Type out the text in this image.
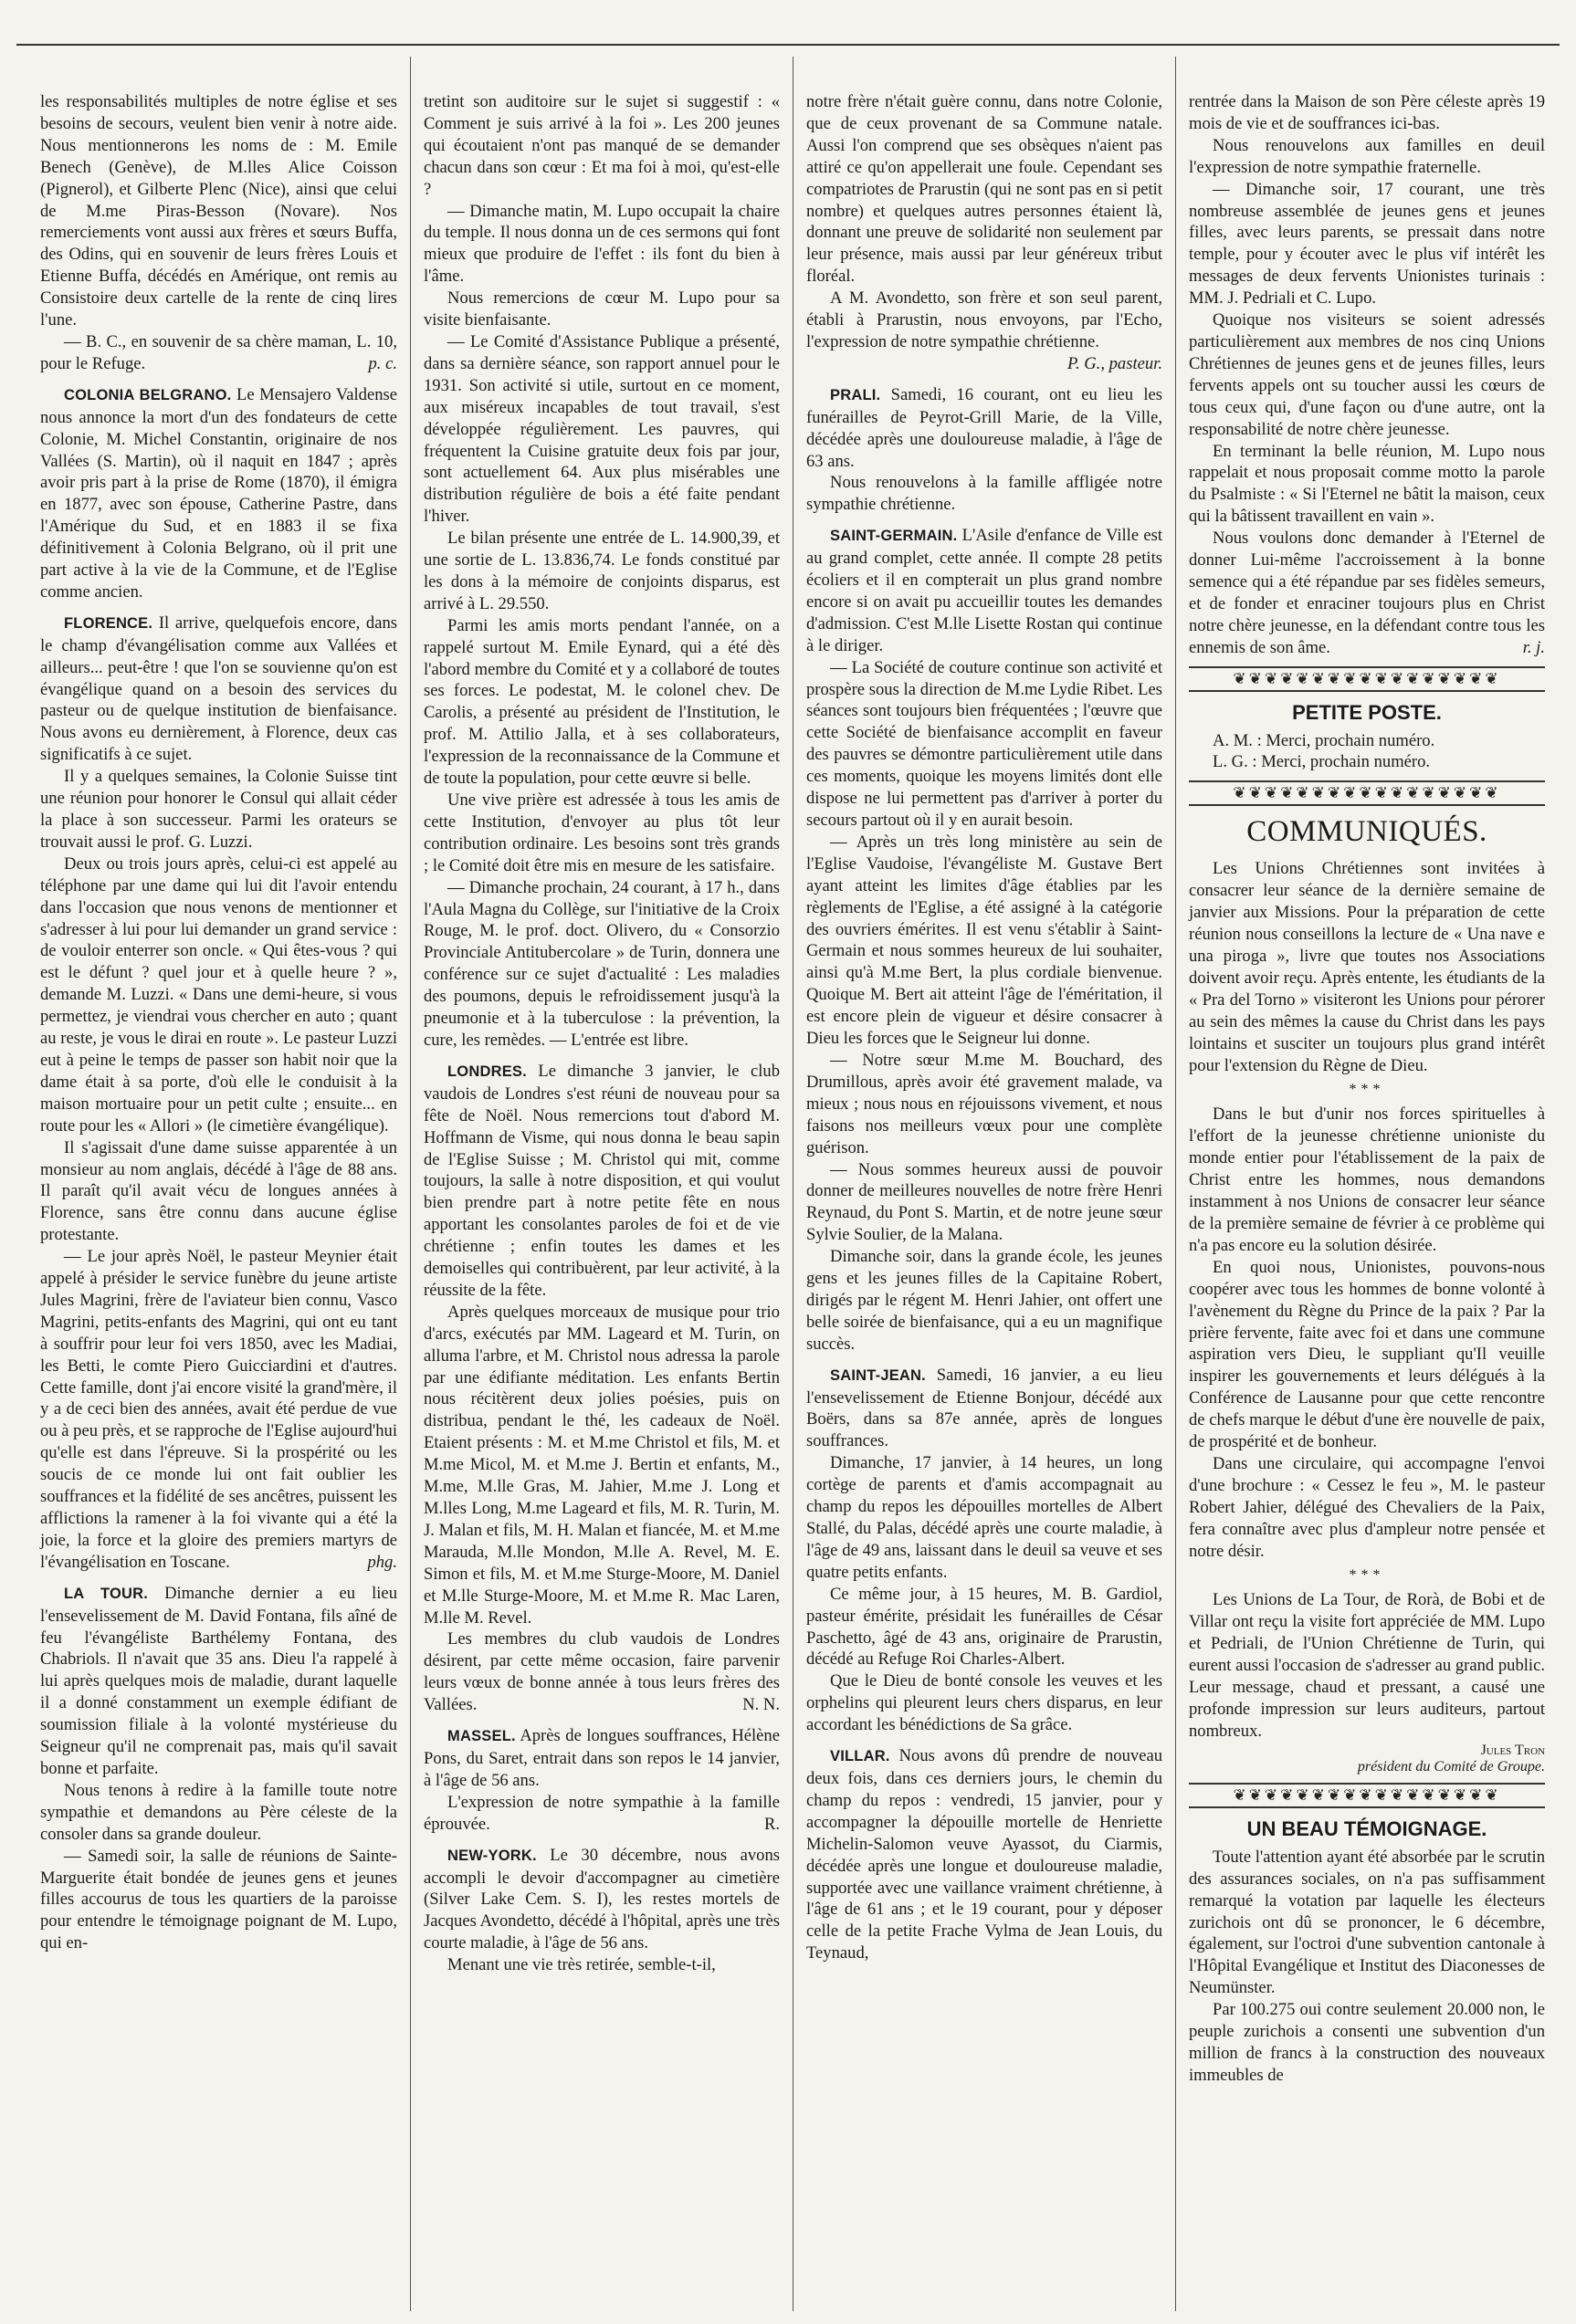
les responsabilités multiples de notre église et ses besoins de secours, veulent bien venir à notre aide. Nous mentionnerons les noms de : M. Emile Benech (Genève), de M.lles Alice Coisson (Pignerol), et Gilberte Plenc (Nice), ainsi que celui de M.me Piras-Besson (Novare). Nos remerciements vont aussi aux frères et sœurs Buffa, des Odins, qui en souvenir de leurs frères Louis et Etienne Buffa, décédés en Amérique, ont remis au Consistoire deux cartelle de la rente de cinq lires l'une.

— B. C., en souvenir de sa chère maman, L. 10, pour le Refuge.	p. c.

COLONIA BELGRANO. Le Mensajero Valdense nous annonce la mort d'un des fondateurs de cette Colonie, M. Michel Constantin, originaire de nos Vallées (S. Martin), où il naquit en 1847 ; après avoir pris part à la prise de Rome (1870), il émigra en 1877, avec son épouse, Catherine Pastre, dans l'Amérique du Sud, et en 1883 il se fixa définitivement à Colonia Belgrano, où il prit une part active à la vie de la Commune, et de l'Eglise comme ancien.

FLORENCE. Il arrive, quelquefois encore, dans le champ d'évangélisation comme aux Vallées et ailleurs... peut-être ! que l'on se souvienne qu'on est évangélique quand on a besoin des services du pasteur ou de quelque institution de bienfaisance. Nous avons eu dernièrement, à Florence, deux cas significatifs à ce sujet.

Il y a quelques semaines, la Colonie Suisse tint une réunion pour honorer le Consul qui allait céder la place à son successeur. Parmi les orateurs se trouvait aussi le prof. G. Luzzi.

Deux ou trois jours après, celui-ci est appelé au téléphone par une dame qui lui dit l'avoir entendu dans l'occasion que nous venons de mentionner et s'adresser à lui pour lui demander un grand service : de vouloir enterrer son oncle. « Qui êtes-vous ? qui est le défunt ? quel jour et à quelle heure ? », demande M. Luzzi. « Dans une demi-heure, si vous permettez, je viendrai vous chercher en auto ; quant au reste, je vous le dirai en route ». Le pasteur Luzzi eut à peine le temps de passer son habit noir que la dame était à sa porte, d'où elle le conduisit à la maison mortuaire pour un petit culte ; ensuite... en route pour les « Allori » (le cimetière évangélique).

Il s'agissait d'une dame suisse apparentée à un monsieur au nom anglais, décédé à l'âge de 88 ans. Il paraît qu'il avait vécu de longues années à Florence, sans être connu dans aucune église protestante.

— Le jour après Noël, le pasteur Meynier était appelé à présider le service funèbre du jeune artiste Jules Magrini, frère de l'aviateur bien connu, Vasco Magrini, petits-enfants des Magrini, qui ont eu tant à souffrir pour leur foi vers 1850, avec les Madiai, les Betti, le comte Piero Guicciardini et d'autres. Cette famille, dont j'ai encore visité la grand'mère, il y a de ceci bien des années, avait été perdue de vue ou à peu près, et se rapproche de l'Eglise aujourd'hui qu'elle est dans l'épreuve. Si la prospérité ou les soucis de ce monde lui ont fait oublier les souffrances et la fidélité de ses ancêtres, puissent les afflictions la ramener à la foi vivante qui a été la joie, la force et la gloire des premiers martyrs de l'évangélisation en Toscane.	phg.

LA TOUR. Dimanche dernier a eu lieu l'ensevelissement de M. David Fontana, fils aîné de feu l'évangéliste Barthélemy Fontana, des Chabriols. Il n'avait que 35 ans. Dieu l'a rappelé à lui après quelques mois de maladie, durant laquelle il a donné constamment un exemple édifiant de soumission filiale à la volonté mystérieuse du Seigneur qu'il ne comprenait pas, mais qu'il savait bonne et parfaite.

Nous tenons à redire à la famille toute notre sympathie et demandons au Père céleste de la consoler dans sa grande douleur.

— Samedi soir, la salle de réunions de Sainte-Marguerite était bondée de jeunes gens et jeunes filles accourus de tous les quartiers de la paroisse pour entendre le témoignage poignant de M. Lupo, qui en-

tretint son auditoire sur le sujet si suggestif : « Comment je suis arrivé à la foi ». Les 200 jeunes qui écoutaient n'ont pas manqué de se demander chacun dans son cœur : Et ma foi à moi, qu'est-elle ?

— Dimanche matin, M. Lupo occupait la chaire du temple. Il nous donna un de ces sermons qui font mieux que produire de l'effet : ils font du bien à l'âme.

Nous remercions de cœur M. Lupo pour sa visite bienfaisante.

— Le Comité d'Assistance Publique a présenté, dans sa dernière séance, son rapport annuel pour le 1931. Son activité si utile, surtout en ce moment, aux miséreux incapables de tout travail, s'est développée régulièrement. Les pauvres, qui fréquentent la Cuisine gratuite deux fois par jour, sont actuellement 64. Aux plus misérables une distribution régulière de bois a été faite pendant l'hiver.

Le bilan présente une entrée de L. 14.900,39, et une sortie de L. 13.836,74. Le fonds constitué par les dons à la mémoire de conjoints disparus, est arrivé à L. 29.550.

Parmi les amis morts pendant l'année, on a rappelé surtout M. Emile Eynard, qui a été dès l'abord membre du Comité et y a collaboré de toutes ses forces. Le podestat, M. le colonel chev. De Carolis, a présenté au président de l'Institution, le prof. M. Attilio Jalla, et à ses collaborateurs, l'expression de la reconnaissance de la Commune et de toute la population, pour cette œuvre si belle.

Une vive prière est adressée à tous les amis de cette Institution, d'envoyer au plus tôt leur contribution ordinaire. Les besoins sont très grands ; le Comité doit être mis en mesure de les satisfaire.

— Dimanche prochain, 24 courant, à 17 h., dans l'Aula Magna du Collège, sur l'initiative de la Croix Rouge, M. le prof. doct. Olivero, du « Consorzio Provinciale Antitubercolare » de Turin, donnera une conférence sur ce sujet d'actualité : Les maladies des poumons, depuis le refroidissement jusqu'à la pneumonie et à la tuberculose : la prévention, la cure, les remèdes. — L'entrée est libre.

LONDRES. Le dimanche 3 janvier, le club vaudois de Londres s'est réuni de nouveau pour sa fête de Noël. Nous remercions tout d'abord M. Hoffmann de Visme, qui nous donna le beau sapin de l'Eglise Suisse ; M. Christol qui mit, comme toujours, la salle à notre disposition, et qui voulut bien prendre part à notre petite fête en nous apportant les consolantes paroles de foi et de vie chrétienne ; enfin toutes les dames et les demoiselles qui contribuèrent, par leur activité, à la réussite de la fête.

Après quelques morceaux de musique pour trio d'arcs, exécutés par MM. Lageard et M. Turin, on alluma l'arbre, et M. Christol nous adressa la parole par une édifiante méditation. Les enfants Bertin nous récitèrent deux jolies poésies, puis on distribua, pendant le thé, les cadeaux de Noël. Etaient présents : M. et M.me Christol et fils, M. et M.me Micol, M. et M.me J. Bertin et enfants, M., M.me, M.lle Gras, M. Jahier, M.me J. Long et M.lles Long, M.me Lageard et fils, M. R. Turin, M. J. Malan et fils, M. H. Malan et fiancée, M. et M.me Marauda, M.lle Mondon, M.lle A. Revel, M. E. Simon et fils, M. et M.me Sturge-Moore, M. Daniel et M.lle Sturge-Moore, M. et M.me R. Mac Laren, M.lle M. Revel.

Les membres du club vaudois de Londres désirent, par cette même occasion, faire parvenir leurs vœux de bonne année à tous leurs frères des Vallées.	N. N.

MASSEL. Après de longues souffrances, Hélène Pons, du Saret, entrait dans son repos le 14 janvier, à l'âge de 56 ans.

L'expression de notre sympathie à la famille éprouvée.	R.

NEW-YORK. Le 30 décembre, nous avons accompli le devoir d'accompagner au cimetière (Silver Lake Cem. S. I), les restes mortels de Jacques Avondetto, décédé à l'hôpital, après une très courte maladie, à l'âge de 56 ans.

Menant une vie très retirée, semble-t-il,

notre frère n'était guère connu, dans notre Colonie, que de ceux provenant de sa Commune natale. Aussi l'on comprend que ses obsèques n'aient pas attiré ce qu'on appellerait une foule. Cependant ses compatriotes de Prarustin (qui ne sont pas en si petit nombre) et quelques autres personnes étaient là, donnant une preuve de solidarité non seulement par leur présence, mais aussi par leur généreux tribut floréal.

A M. Avondetto, son frère et son seul parent, établi à Prarustin, nous envoyons, par l'Echo, l'expression de notre sympathie chrétienne.

P. G., pasteur.

PRALI. Samedi, 16 courant, ont eu lieu les funérailles de Peyrot-Grill Marie, de la Ville, décédée après une douloureuse maladie, à l'âge de 63 ans.

Nous renouvelons à la famille affligée notre sympathie chrétienne.

SAINT-GERMAIN. L'Asile d'enfance de Ville est au grand complet, cette année. Il compte 28 petits écoliers et il en compterait un plus grand nombre encore si on avait pu accueillir toutes les demandes d'admission. C'est M.lle Lisette Rostan qui continue à le diriger.

— La Société de couture continue son activité et prospère sous la direction de M.me Lydie Ribet. Les séances sont toujours bien fréquentées ; l'œuvre que cette Société de bienfaisance accomplit en faveur des pauvres se démontre particulièrement utile dans ces moments, quoique les moyens limités dont elle dispose ne lui permettent pas d'arriver à porter du secours partout où il y en aurait besoin.

— Après un très long ministère au sein de l'Eglise Vaudoise, l'évangéliste M. Gustave Bert ayant atteint les limites d'âge établies par les règlements de l'Eglise, a été assigné à la catégorie des ouvriers émérites. Il est venu s'établir à Saint-Germain et nous sommes heureux de lui souhaiter, ainsi qu'à M.me Bert, la plus cordiale bienvenue. Quoique M. Bert ait atteint l'âge de l'éméritation, il est encore plein de vigueur et désire consacrer à Dieu les forces que le Seigneur lui donne.

— Notre sœur M.me M. Bouchard, des Drumillous, après avoir été gravement malade, va mieux ; nous nous en réjouissons vivement, et nous faisons nos meilleurs vœux pour une complète guérison.

— Nous sommes heureux aussi de pouvoir donner de meilleures nouvelles de notre frère Henri Reynaud, du Pont S. Martin, et de notre jeune sœur Sylvie Soulier, de la Malana.

Dimanche soir, dans la grande école, les jeunes gens et les jeunes filles de la Capitaine Robert, dirigés par le régent M. Henri Jahier, ont offert une belle soirée de bienfaisance, qui a eu un magnifique succès.

SAINT-JEAN. Samedi, 16 janvier, a eu lieu l'ensevelissement de Etienne Bonjour, décédé aux Boërs, dans sa 87e année, après de longues souffrances.

Dimanche, 17 janvier, à 14 heures, un long cortège de parents et d'amis accompagnait au champ du repos les dépouilles mortelles de Albert Stallé, du Palas, décédé après une courte maladie, à l'âge de 49 ans, laissant dans le deuil sa veuve et ses quatre petits enfants.

Ce même jour, à 15 heures, M. B. Gardiol, pasteur émérite, présidait les funérailles de César Paschetto, âgé de 43 ans, originaire de Prarustin, décédé au Refuge Roi Charles-Albert.

Que le Dieu de bonté console les veuves et les orphelins qui pleurent leurs chers disparus, en leur accordant les bénédictions de Sa grâce.

VILLAR. Nous avons dû prendre de nouveau deux fois, dans ces derniers jours, le chemin du champ du repos : vendredi, 15 janvier, pour y accompagner la dépouille mortelle de Henriette Michelin-Salomon veuve Ayassot, du Ciarmis, décédée après une longue et douloureuse maladie, supportée avec une vaillance vraiment chrétienne, à l'âge de 61 ans ; et le 19 courant, pour y déposer celle de la petite Frache Vylma de Jean Louis, du Teynaud,

rentrée dans la Maison de son Père céleste après 19 mois de vie et de souffrances ici-bas.

Nous renouvelons aux familles en deuil l'expression de notre sympathie fraternelle.

— Dimanche soir, 17 courant, une très nombreuse assemblée de jeunes gens et jeunes filles, avec leurs parents, se pressait dans notre temple, pour y écouter avec le plus vif intérêt les messages de deux fervents Unionistes turinais : MM. J. Pedriali et C. Lupo.

Quoique nos visiteurs se soient adressés particulièrement aux membres de nos cinq Unions Chrétiennes de jeunes gens et de jeunes filles, leurs fervents appels ont su toucher aussi les cœurs de tous ceux qui, d'une façon ou d'une autre, ont la responsabilité de notre chère jeunesse.

En terminant la belle réunion, M. Lupo nous rappelait et nous proposait comme motto la parole du Psalmiste : « Si l'Eternel ne bâtit la maison, ceux qui la bâtissent travaillent en vain ».

Nous voulons donc demander à l'Eternel de donner Lui-même l'accroissement à la bonne semence qui a été répandue par ses fidèles semeurs, et de fonder et enraciner toujours plus en Christ notre chère jeunesse, en la défendant contre tous les ennemis de son âme.	r. j.

❦❦❦❦❦❦❦❦❦❦❦❦❦❦❦❦❦
PETITE POSTE.

A. M. : Merci, prochain numéro.

L. G. : Merci, prochain numéro.

❦❦❦❦❦❦❦❦❦❦❦❦❦❦❦❦❦
COMMUNIQUÉS.

Les Unions Chrétiennes sont invitées à consacrer leur séance de la dernière semaine de janvier aux Missions. Pour la préparation de cette réunion nous conseillons la lecture de « Una nave e una piroga », livre que toutes nos Associations doivent avoir reçu. Après entente, les étudiants de la « Pra del Torno » visiteront les Unions pour pérorer au sein des mêmes la cause du Christ dans les pays lointains et susciter un toujours plus grand intérêt pour l'extension du Règne de Dieu.

***

Dans le but d'unir nos forces spirituelles à l'effort de la jeunesse chrétienne unioniste du monde entier pour l'établissement de la paix de Christ entre les hommes, nous demandons instamment à nos Unions de consacrer leur séance de la première semaine de février à ce problème qui n'a pas encore eu la solution désirée.

En quoi nous, Unionistes, pouvons-nous coopérer avec tous les hommes de bonne volonté à l'avènement du Règne du Prince de la paix ? Par la prière fervente, faite avec foi et dans une commune aspiration vers Dieu, le suppliant qu'Il veuille inspirer les gouvernements et leurs délégués à la Conférence de Lausanne pour que cette rencontre de chefs marque le début d'une ère nouvelle de paix, de prospérité et de bonheur.

Dans une circulaire, qui accompagne l'envoi d'une brochure : « Cessez le feu », M. le pasteur Robert Jahier, délégué des Chevaliers de la Paix, fera connaître avec plus d'ampleur notre pensée et notre désir.

***

Les Unions de La Tour, de Rorà, de Bobi et de Villar ont reçu la visite fort appréciée de MM. Lupo et Pedriali, de l'Union Chrétienne de Turin, qui eurent aussi l'occasion de s'adresser au grand public. Leur message, chaud et pressant, a causé une profonde impression sur leurs auditeurs, partout nombreux.

Jules Tron
président du Comité de Groupe.
❦❦❦❦❦❦❦❦❦❦❦❦❦❦❦❦❦
UN BEAU TÉMOIGNAGE.

Toute l'attention ayant été absorbée par le scrutin des assurances sociales, on n'a pas suffisamment remarqué la votation par laquelle les électeurs zurichois ont dû se prononcer, le 6 décembre, également, sur l'octroi d'une subvention cantonale à l'Hôpital Evangélique et Institut des Diaconesses de Neumünster.

Par 100.275 oui contre seulement 20.000 non, le peuple zurichois a consenti une subvention d'un million de francs à la construction des nouveaux immeubles de
